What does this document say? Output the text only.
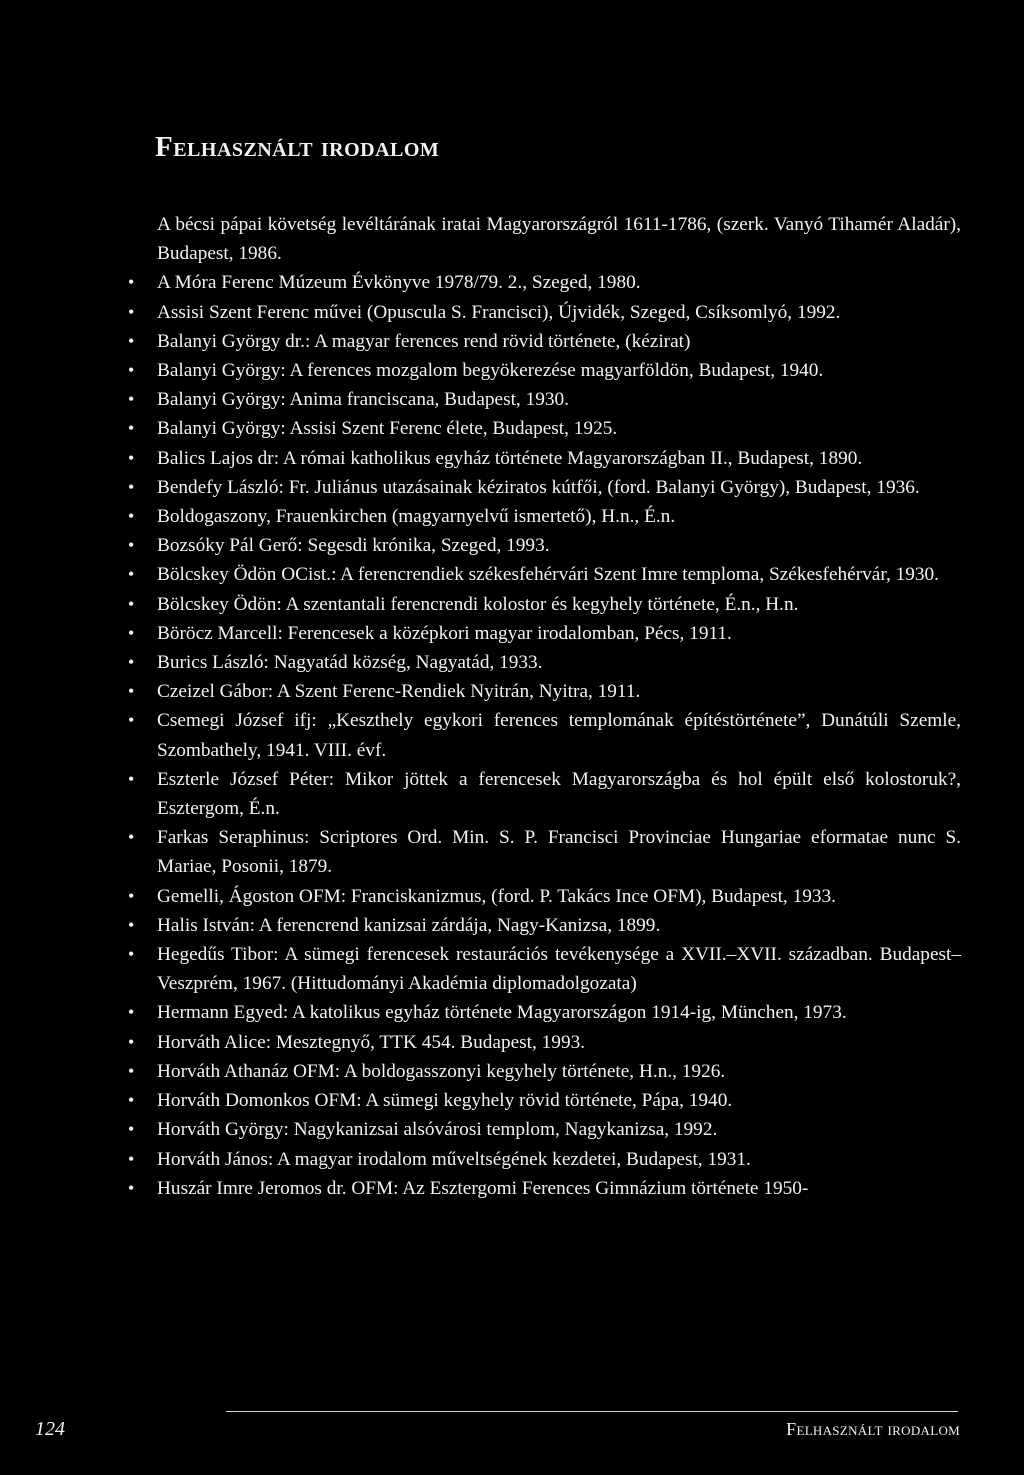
Felhasznált irodalom
A bécsi pápai követség levéltárának iratai Magyarországról 1611-1786, (szerk. Vanyó Tihamér Aladár), Budapest, 1986.
• A Móra Ferenc Múzeum Évkönyve 1978/79. 2., Szeged, 1980.
• Assisi Szent Ferenc művei (Opuscula S. Francisci), Újvidék, Szeged, Csíksomlyó, 1992.
• Balanyi György dr.: A magyar ferences rend rövid története, (kézirat)
• Balanyi György: A ferences mozgalom begyökerezése magyarföldön, Budapest, 1940.
• Balanyi György: Anima franciscana, Budapest, 1930.
• Balanyi György: Assisi Szent Ferenc élete, Budapest, 1925.
• Balics Lajos dr: A római katholikus egyház története Magyarországban II., Budapest, 1890.
• Bendefy László: Fr. Juliánus utazásainak kéziratos kútfői, (ford. Balanyi György), Budapest, 1936.
• Boldogaszony, Frauenkirchen (magyarnyelvű ismertető), H.n., É.n.
• Bozsóky Pál Gerő: Segesdi krónika, Szeged, 1993.
• Bölcskey Ödön OCist.: A ferencrendiek székesfehérvári Szent Imre temploma, Székesfehérvár, 1930.
• Bölcskey Ödön: A szentantali ferencrendi kolostor és kegyhely története, É.n., H.n.
• Böröcz Marcell: Ferencesek a középkori magyar irodalomban, Pécs, 1911.
• Burics László: Nagyatád község, Nagyatád, 1933.
• Czeizel Gábor: A Szent Ferenc-Rendiek Nyitrán, Nyitra, 1911.
• Csemegi József ifj: „Keszthely egykori ferences templomának építéstörténete”, Dunátúli Szemle, Szombathely, 1941. VIII. évf.
• Eszterle József Péter: Mikor jöttek a ferencesek Magyarországba és hol épült első kolostoruk?, Esztergom, É.n.
• Farkas Seraphinus: Scriptores Ord. Min. S. P. Francisci Provinciae Hungariae eformatae nunc S. Mariae, Posonii, 1879.
• Gemelli, Ágoston OFM: Franciskanizmus, (ford. P. Takács Ince OFM), Budapest, 1933.
• Halis István: A ferencrend kanizsai zárdája, Nagy-Kanizsa, 1899.
• Hegedűs Tibor: A sümegi ferencesek restaurációs tevékenysége a XVII.–XVII. században. Budapest–Veszprém, 1967. (Hittudományi Akadémia diplomadolgozata)
• Hermann Egyed: A katolikus egyház története Magyarországon 1914-ig, München, 1973.
• Horváth Alice: Mesztegnyő, TTK 454. Budapest, 1993.
• Horváth Athanáz OFM: A boldogasszonyi kegyhely története, H.n., 1926.
• Horváth Domonkos OFM: A sümegi kegyhely rövid története, Pápa, 1940.
• Horváth György: Nagykanizsai alsóvárosi templom, Nagykanizsa, 1992.
• Horváth János: A magyar irodalom műveltségének kezdetei, Budapest, 1931.
• Huszár Imre Jeromos dr. OFM: Az Esztergomi Ferences Gimnázium története 1950-
124	Felhasznált irodalom
